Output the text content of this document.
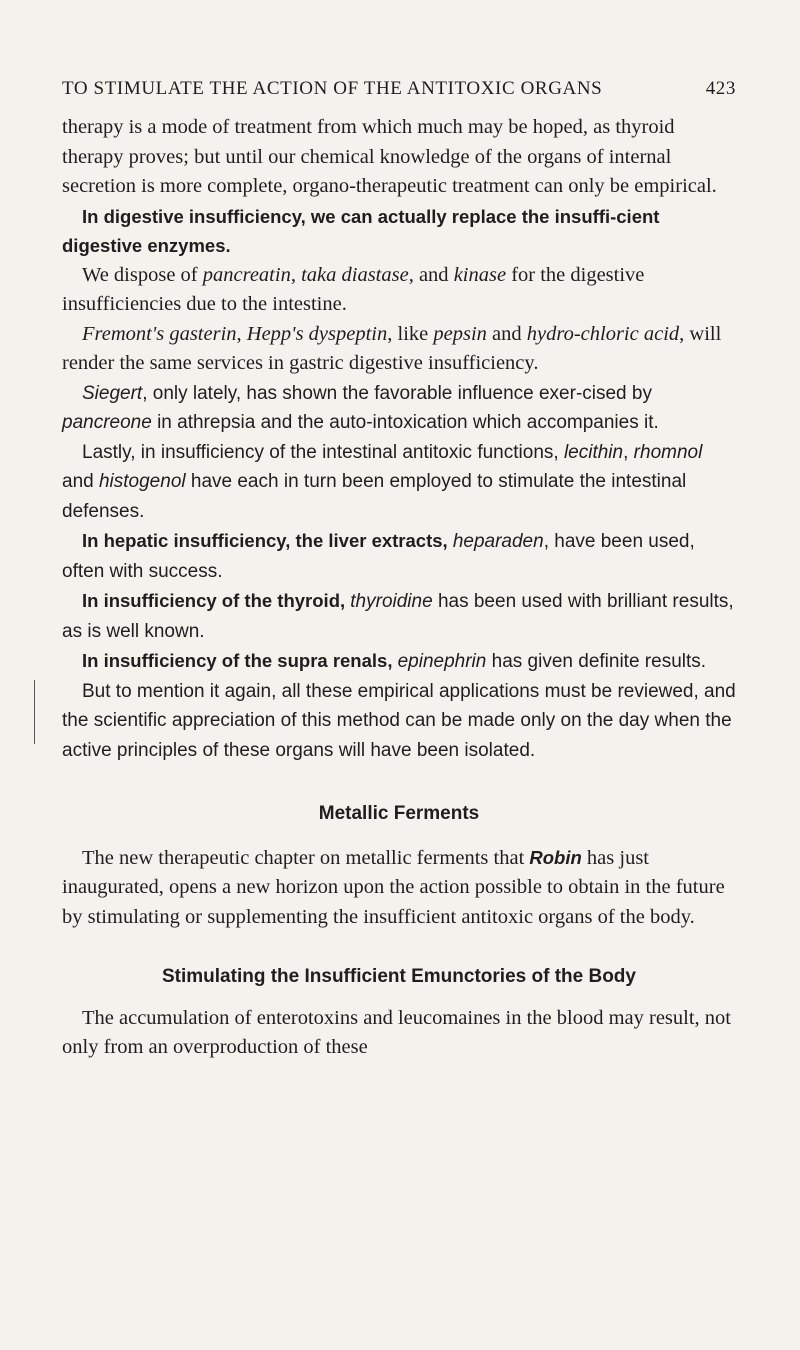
TO STIMULATE THE ACTION OF THE ANTITOXIC ORGANS	423

therapy is a mode of treatment from which much may be hoped, as thyroid therapy proves; but until our chemical knowledge of the organs of internal secretion is more complete, organo-therapeutic treatment can only be empirical.

In digestive insufficiency, we can actually replace the insuffi-cient digestive enzymes.

We dispose of pancreatin, taka diastase, and kinase for the digestive insufficiencies due to the intestine.

Fremont's gasterin, Hepp's dyspeptin, like pepsin and hydro-chloric acid, will render the same services in gastric digestive insufficiency.

Siegert, only lately, has shown the favorable influence exer-cised by pancreone in athrepsia and the auto-intoxication which accompanies it.

Lastly, in insufficiency of the intestinal antitoxic functions, lecithin, rhomnol and histogenol have each in turn been employed to stimulate the intestinal defenses.

In hepatic insufficiency, the liver extracts, heparaden, have been used, often with success.

In insufficiency of the thyroid, thyroidine has been used with brilliant results, as is well known.

In insufficiency of the supra renals, epinephrin has given definite results.

But to mention it again, all these empirical applications must be reviewed, and the scientific appreciation of this method can be made only on the day when the active principles of these organs will have been isolated.

Metallic Ferments

The new therapeutic chapter on metallic ferments that Robin has just inaugurated, opens a new horizon upon the action possible to obtain in the future by stimulating or supplementing the insufficient antitoxic organs of the body.

Stimulating the Insufficient Emunctories of the Body

The accumulation of enterotoxins and leucomaines in the blood may result, not only from an overproduction of these
